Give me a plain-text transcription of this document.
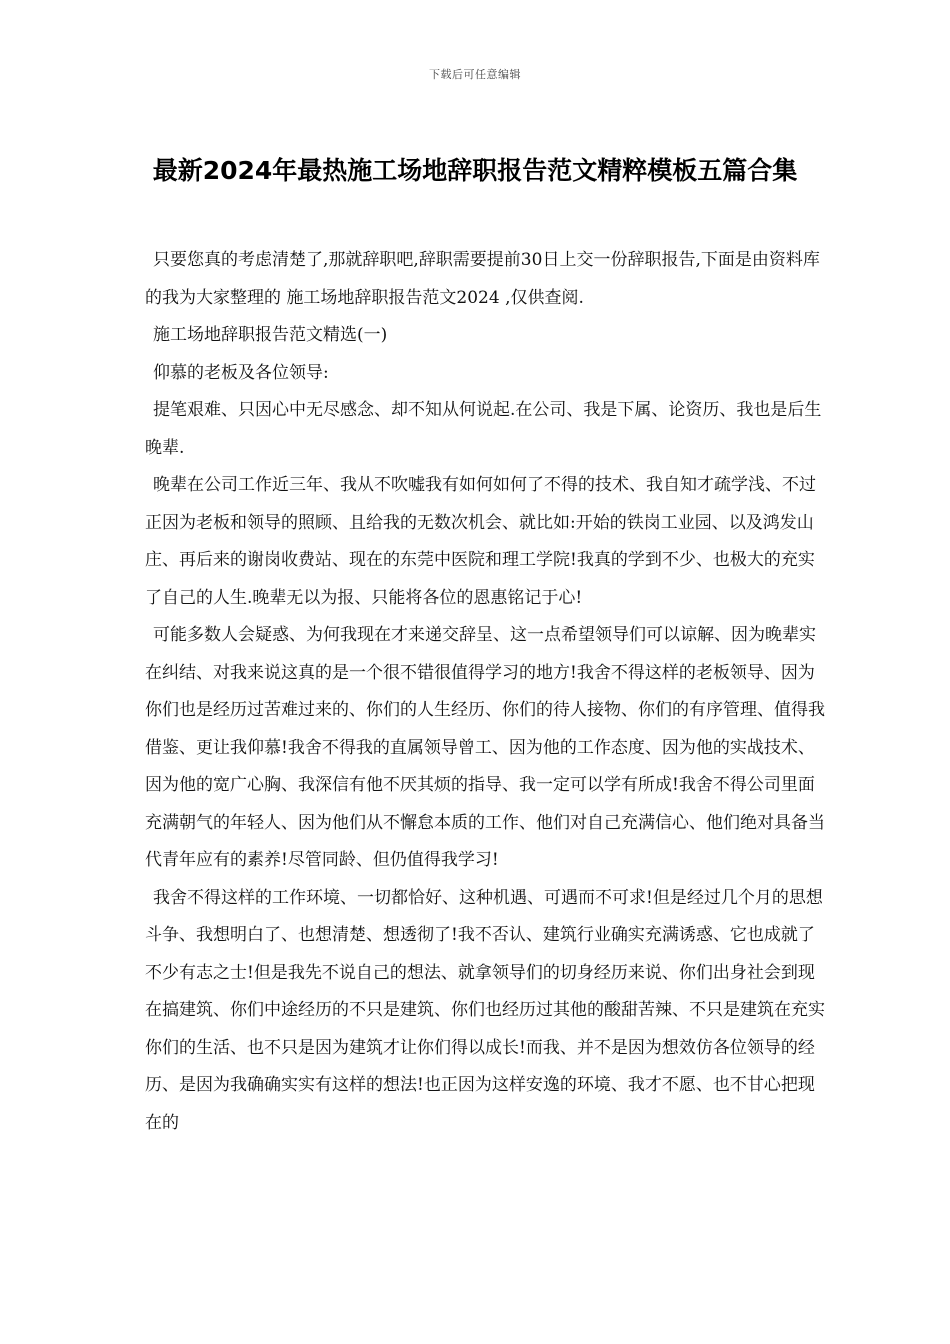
下载后可任意编辑
最新2024年最热施工场地辞职报告范文精粹模板五篇合集

只要您真的考虑清楚了,那就辞职吧,辞职需要提前30日上交一份辞职报告,下面是由资料库的我为大家整理的 施工场地辞职报告范文2024 ,仅供查阅.

施工场地辞职报告范文精选(一)

仰慕的老板及各位领导:

提笔艰难、只因心中无尽感念、却不知从何说起.在公司、我是下属、论资历、我也是后生晚辈.

晚辈在公司工作近三年、我从不吹嘘我有如何如何了不得的技术、我自知才疏学浅、不过正因为老板和领导的照顾、且给我的无数次机会、就比如:开始的铁岗工业园、以及鸿发山庄、再后来的谢岗收费站、现在的东莞中医院和理工学院!我真的学到不少、也极大的充实了自己的人生.晚辈无以为报、只能将各位的恩惠铭记于心!

可能多数人会疑惑、为何我现在才来递交辞呈、这一点希望领导们可以谅解、因为晚辈实在纠结、对我来说这真的是一个很不错很值得学习的地方!我舍不得这样的老板领导、因为你们也是经历过苦难过来的、你们的人生经历、你们的待人接物、你们的有序管理、值得我借鉴、更让我仰慕!我舍不得我的直属领导曾工、因为他的工作态度、因为他的实战技术、因为他的宽广心胸、我深信有他不厌其烦的指导、我一定可以学有所成!我舍不得公司里面充满朝气的年轻人、因为他们从不懈怠本质的工作、他们对自己充满信心、他们绝对具备当代青年应有的素养!尽管同龄、但仍值得我学习!

我舍不得这样的工作环境、一切都恰好、这种机遇、可遇而不可求!但是经过几个月的思想斗争、我想明白了、也想清楚、想透彻了!我不否认、建筑行业确实充满诱惑、它也成就了不少有志之士!但是我先不说自己的想法、就拿领导们的切身经历来说、你们出身社会到现在搞建筑、你们中途经历的不只是建筑、你们也经历过其他的酸甜苦辣、不只是建筑在充实你们的生活、也不只是因为建筑才让你们得以成长!而我、并不是因为想效仿各位领导的经历、是因为我确确实实有这样的想法!也正因为这样安逸的环境、我才不愿、也不甘心把现在的
